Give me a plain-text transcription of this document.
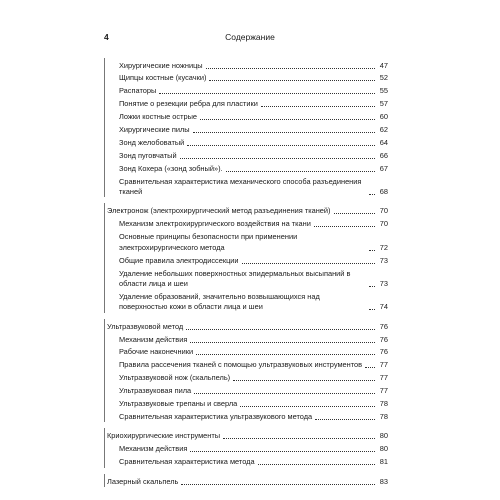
4	Содержание
Хирургические ножницы	47
Щипцы костные (кусачки)	52
Распаторы	55
Понятие о резекции ребра для пластики	57
Ложки костные острые	60
Хирургические пилы	62
Зонд желобоватый	64
Зонд пуговчатый	66
Зонд Кохера («зонд зобный»).	67
Сравнительная характеристика механического способа разъединения тканей	68
Электронож (электрохирургический метод разъединения тканей)	70
Механизм электрохирургического воздействия на ткани	70
Основные принципы безопасности при применении электрохирургического метода	72
Общие правила электродиссекции	73
Удаление небольших поверхностных эпидермальных высыпаний в области лица и шеи	73
Удаление образований, значительно возвышающихся над поверхностью кожи в области лица и шеи	74
Ультразвуковой метод	76
Механизм действия	76
Рабочие наконечники	76
Правила рассечения тканей с помощью ультразвуковых инструментов 77
Ультразвуковой нож (скальпель)	77
Ультразвуковая пила	77
Ультразвуковые трепаны и сверла	78
Сравнительная характеристика ультразвукового метода	78
Криохирургические инструменты	80
Механизм действия	80
Сравнительная характеристика метода	81
Лазерный скальпель	83
